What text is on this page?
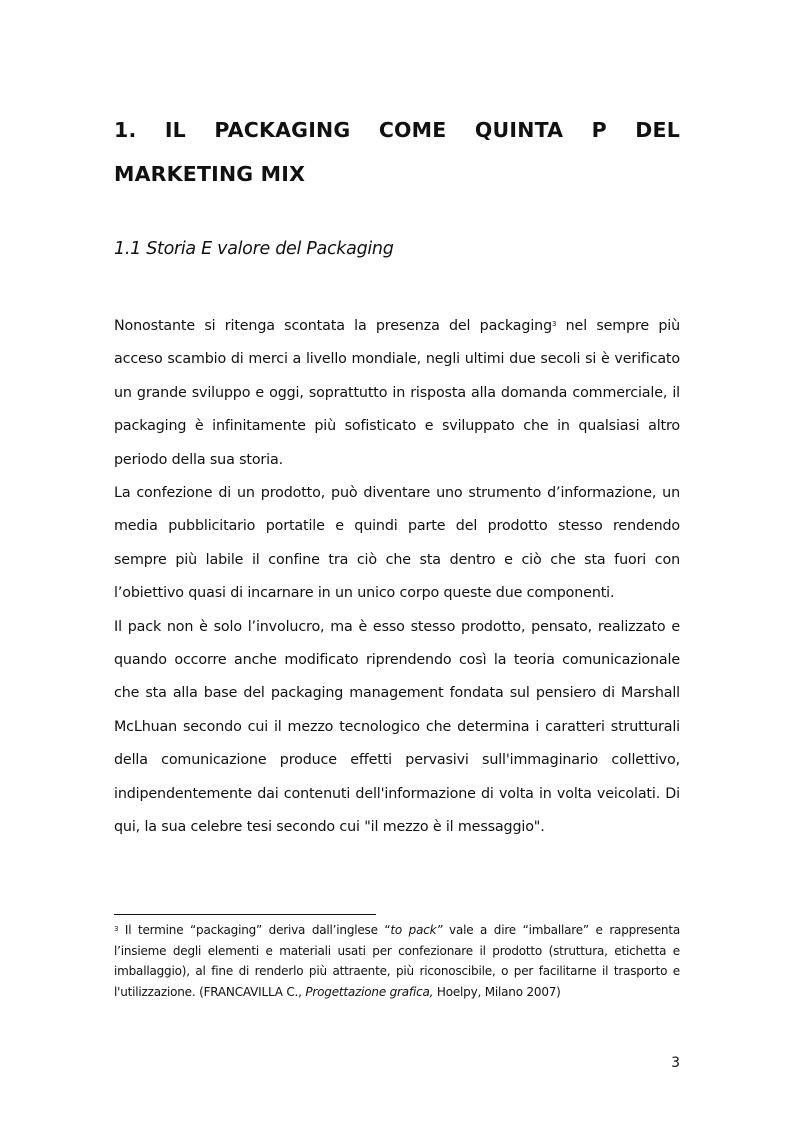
1. IL PACKAGING COME QUINTA P DEL
MARKETING MIX
1.1 Storia E valore del Packaging

Nonostante si ritenga scontata la presenza del packaging$^3$ nel sempre più acceso scambio di merci a livello mondiale, negli ultimi due secoli si è verificato un grande sviluppo e oggi, soprattutto in risposta alla domanda commerciale, il packaging è infinitamente più sofisticato e sviluppato che in qualsiasi altro periodo della sua storia.

La confezione di un prodotto, può diventare uno strumento d’informazione, un media pubblicitario portatile e quindi parte del prodotto stesso rendendo sempre più labile il confine tra ciò che sta dentro e ciò che sta fuori con l’obiettivo quasi di incarnare in un unico corpo queste due componenti.

Il pack non è solo l’involucro, ma è esso stesso prodotto, pensato, realizzato e quando occorre anche modificato riprendendo così la teoria comunicazionale che sta alla base del packaging management fondata sul pensiero di Marshall McLhuan secondo cui il mezzo tecnologico che determina i caratteri strutturali della comunicazione produce effetti pervasivi sull'immaginario collettivo, indipendentemente dai contenuti dell'informazione di volta in volta veicolati. Di qui, la sua celebre tesi secondo cui "il mezzo è il messaggio".

$^3$ Il termine “packaging” deriva dall’inglese “to pack” vale a dire “imballare” e rappresenta l’insieme degli elementi e materiali usati per confezionare il prodotto (struttura, etichetta e imballaggio), al fine di renderlo più attraente, più riconoscibile, o per facilitarne il trasporto e l'utilizzazione. (FRANCAVILLA C., Progettazione grafica, Hoelpy, Milano 2007)

3
